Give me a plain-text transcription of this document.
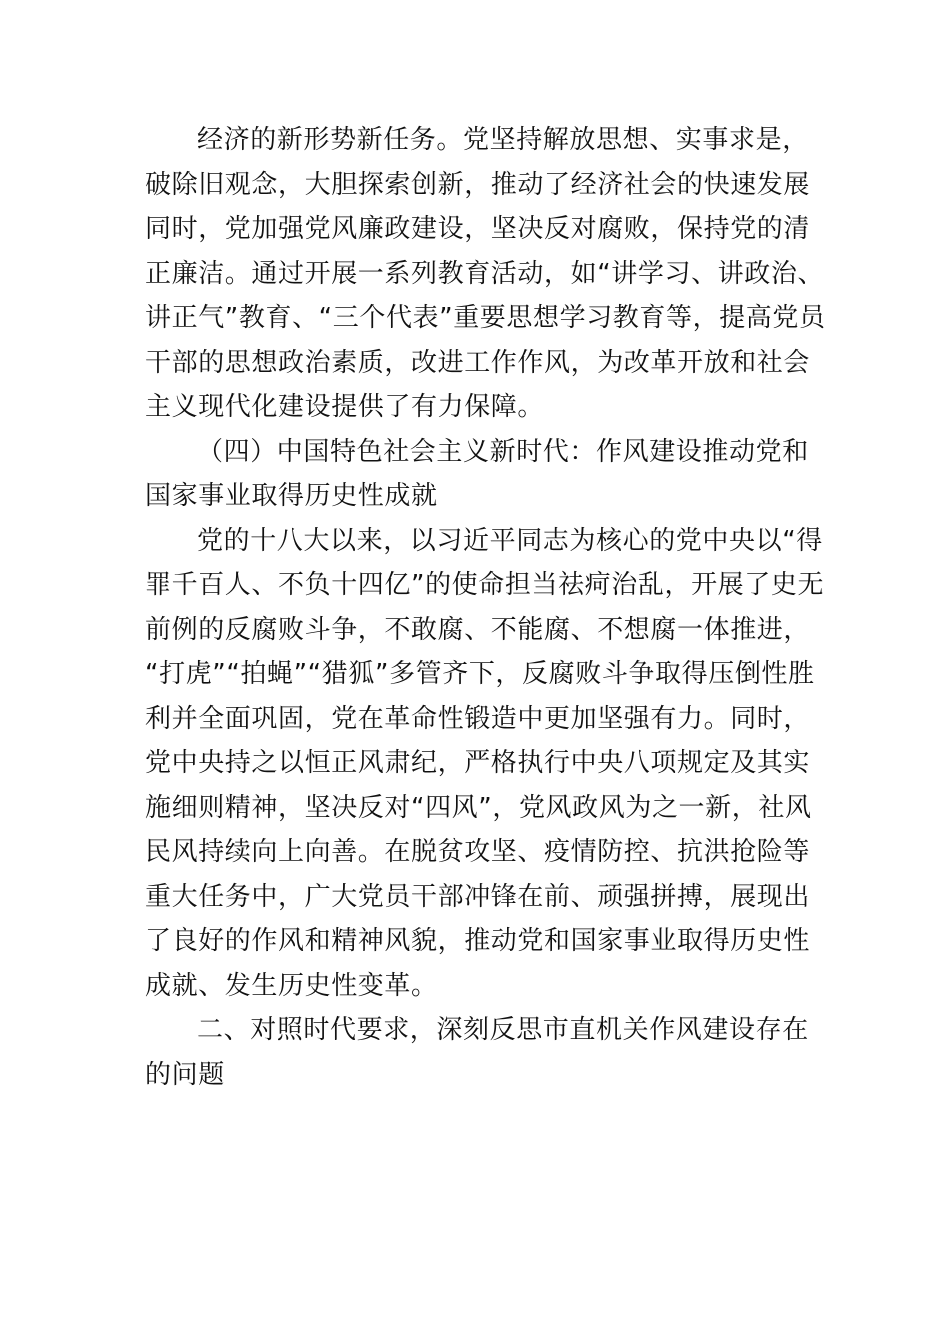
经济的新形势新任务。党坚持解放思想、实事求是，
破除旧观念，大胆探索创新，推动了经济社会的快速发展
同时，党加强党风廉政建设，坚决反对腐败，保持党的清
正廉洁。通过开展一系列教育活动，如“讲学习、讲政治、
讲正气”教育、“三个代表”重要思想学习教育等，提高党员
干部的思想政治素质，改进工作作风，为改革开放和社会
主义现代化建设提供了有力保障。
（四）中国特色社会主义新时代：作风建设推动党和
国家事业取得历史性成就
党的十八大以来，以习近平同志为核心的党中央以“得
罪千百人、不负十四亿”的使命担当祛疴治乱，开展了史无
前例的反腐败斗争，不敢腐、不能腐、不想腐一体推进，
“打虎”“拍蝇”“猎狐”多管齐下，反腐败斗争取得压倒性胜
利并全面巩固，党在革命性锻造中更加坚强有力。同时，
党中央持之以恒正风肃纪，严格执行中央八项规定及其实
施细则精神，坚决反对“四风”，党风政风为之一新，社风
民风持续向上向善。在脱贫攻坚、疫情防控、抗洪抢险等
重大任务中，广大党员干部冲锋在前、顽强拼搏，展现出
了良好的作风和精神风貌，推动党和国家事业取得历史性
成就、发生历史性变革。
二、对照时代要求，深刻反思市直机关作风建设存在
的问题
